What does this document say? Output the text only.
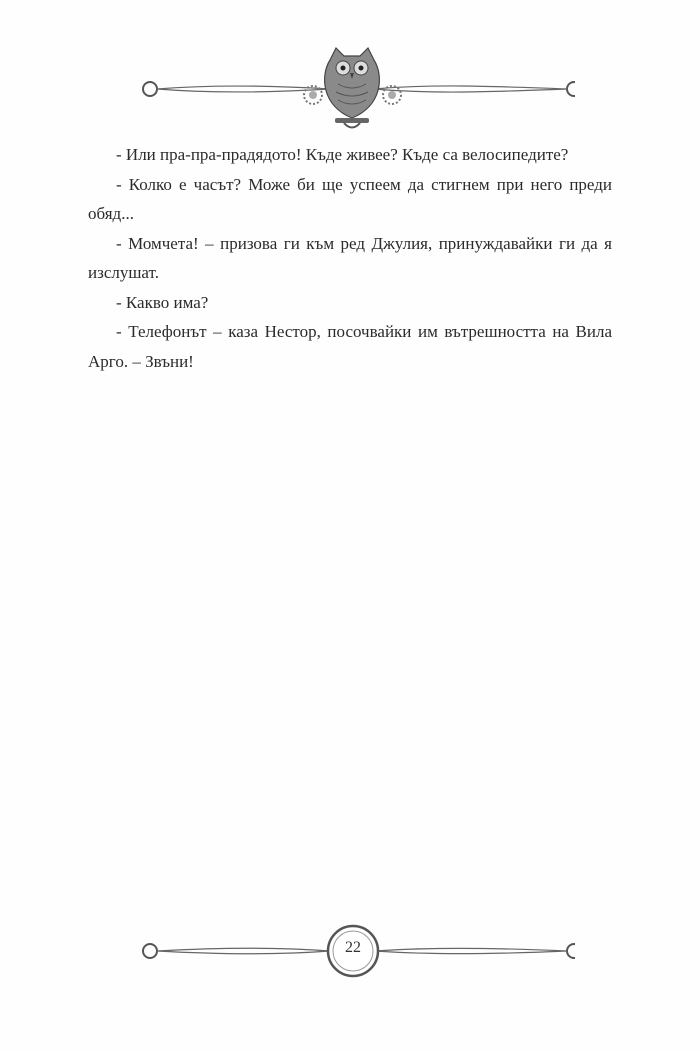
- Или пра-пра-прадядото! Къде живее? Къде са велосипедите?

- Колко е часът? Може би ще успеем да стигнем при него преди обяд...

- Момчета! – призова ги към ред Джулия, принуждавайки ги да я изслушат.

- Какво има?

- Телефонът – каза Нестор, посочвайки им вътрешността на Вила Арго. – Звъни!

22
